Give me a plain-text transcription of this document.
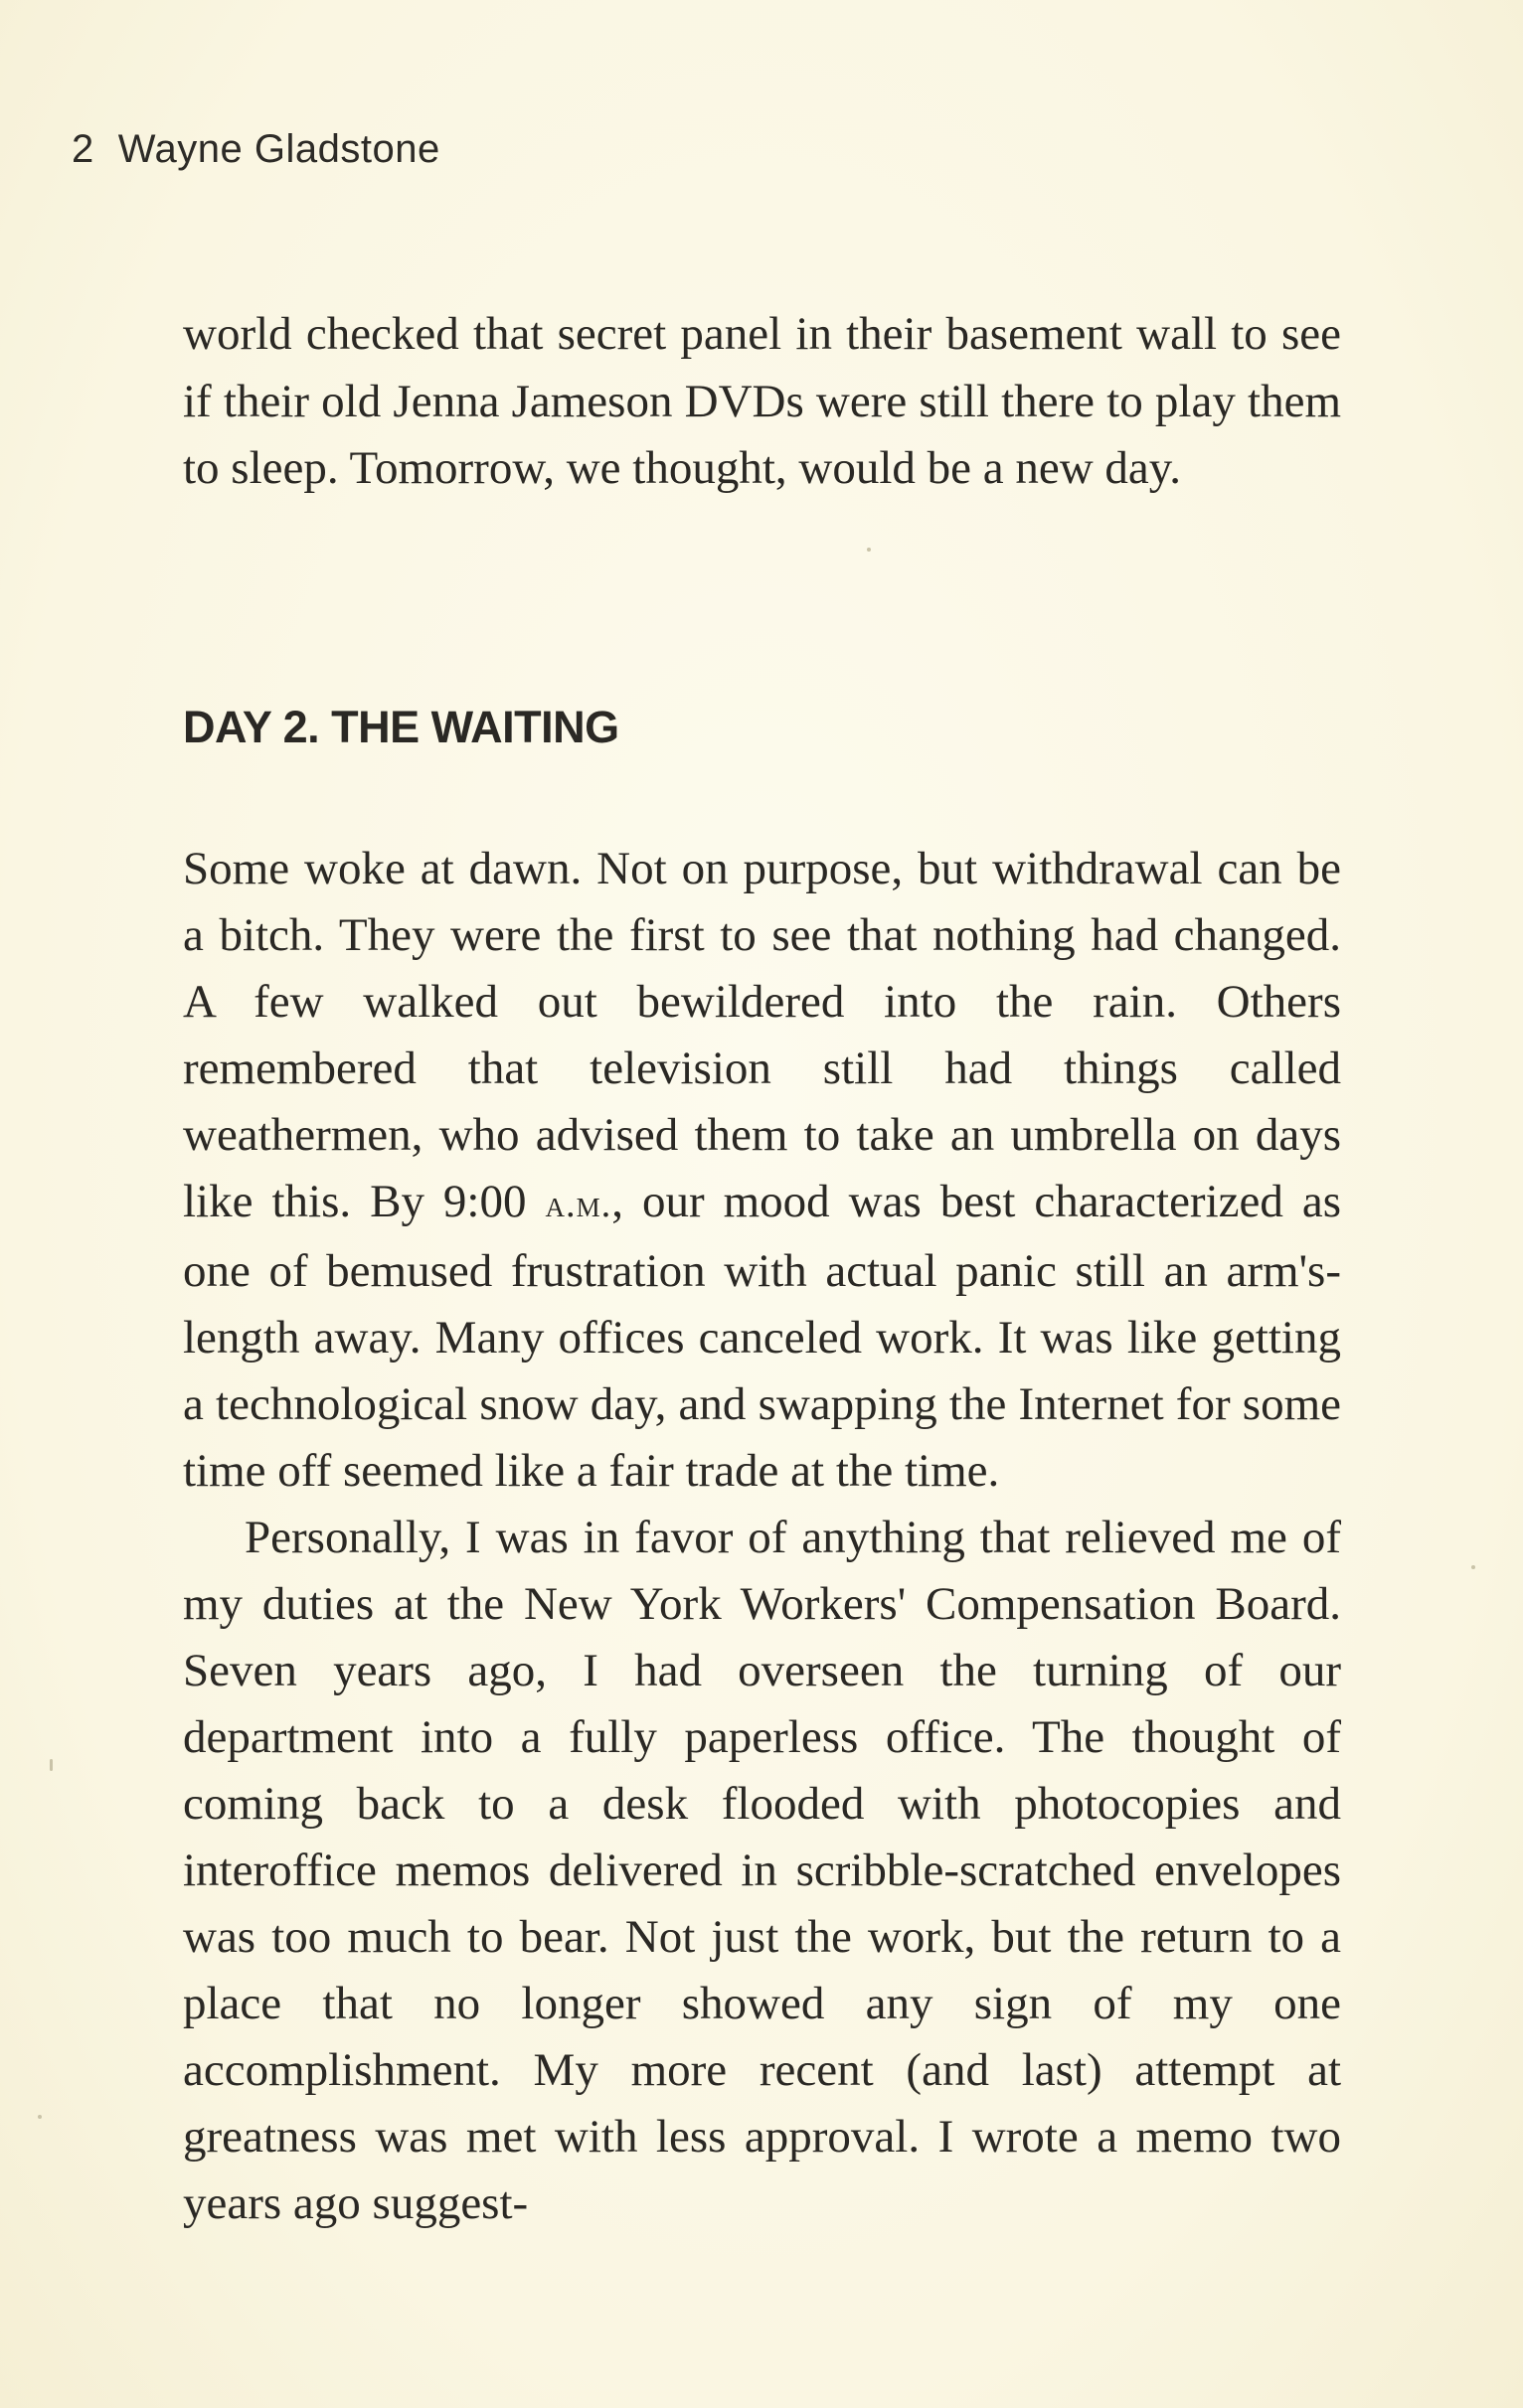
2 Wayne Gladstone

world checked that secret panel in their basement wall to see if their old Jenna Jameson DVDs were still there to play them to sleep. Tomorrow, we thought, would be a new day.

DAY 2. THE WAITING

Some woke at dawn. Not on purpose, but withdrawal can be a bitch. They were the first to see that nothing had changed. A few walked out bewildered into the rain. Others remembered that television still had things called weathermen, who advised them to take an umbrella on days like this. By 9:00 a.m., our mood was best characterized as one of bemused frustration with actual panic still an arm's-length away. Many offices canceled work. It was like getting a technological snow day, and swapping the Internet for some time off seemed like a fair trade at the time.

Personally, I was in favor of anything that relieved me of my duties at the New York Workers' Compensation Board. Seven years ago, I had overseen the turning of our department into a fully paperless office. The thought of coming back to a desk flooded with photocopies and interoffice memos delivered in scribble-scratched envelopes was too much to bear. Not just the work, but the return to a place that no longer showed any sign of my one accomplishment. My more recent (and last) attempt at greatness was met with less approval. I wrote a memo two years ago suggest-
